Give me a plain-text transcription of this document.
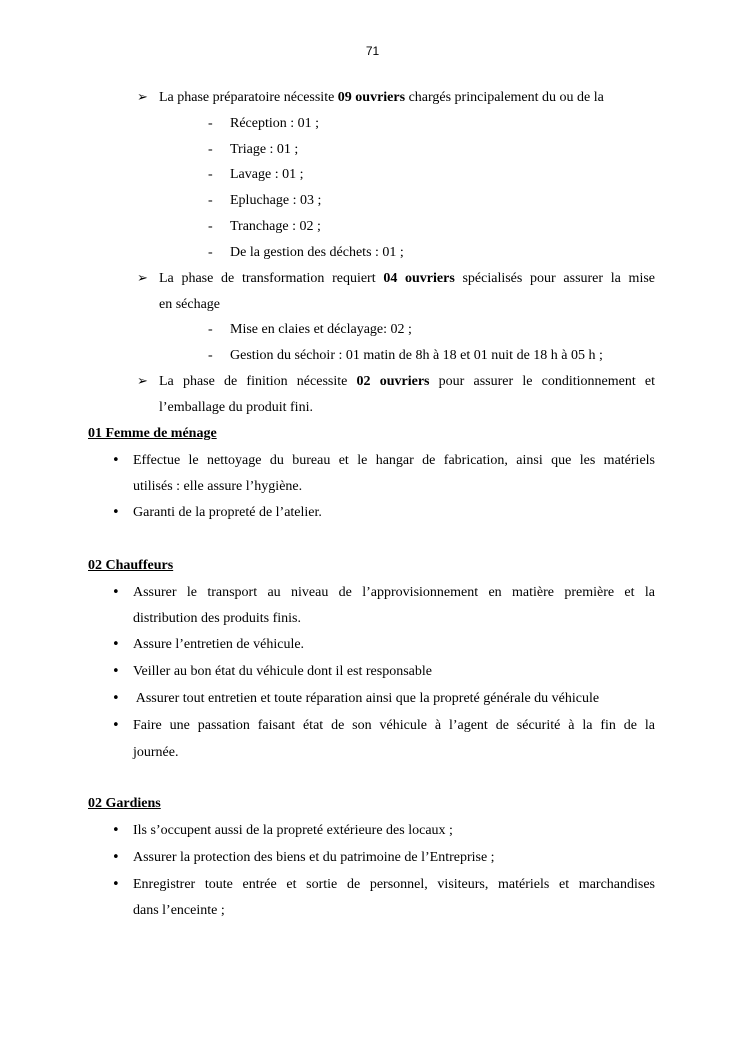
71
➢ La phase préparatoire nécessite 09 ouvriers chargés principalement du ou de la
- Réception : 01 ;
- Triage : 01 ;
- Lavage : 01 ;
- Epluchage : 03 ;
- Tranchage : 02 ;
- De la gestion des déchets : 01 ;
➢ La phase de transformation requiert 04 ouvriers spécialisés pour assurer la mise
en séchage
- Mise en claies et déclayage: 02 ;
- Gestion du séchoir : 01 matin de 8h à 18 et 01 nuit de 18 h à 05 h ;
➢ La phase de finition nécessite 02 ouvriers pour assurer le conditionnement et
l’emballage du produit fini.
01 Femme de ménage
• Effectue le nettoyage du bureau et le hangar de fabrication, ainsi que les matériels
utilisés : elle assure l’hygiène.
• Garanti de la propreté de l’atelier.
02 Chauffeurs
• Assurer le transport au niveau de l’approvisionnement en matière première et la
distribution des produits finis.
• Assure l’entretien de véhicule.
• Veiller au bon état du véhicule dont il est responsable
• Assurer tout entretien et toute réparation ainsi que la propreté générale du véhicule
• Faire une passation faisant état de son véhicule à l’agent de sécurité à la fin de la
journée.
02 Gardiens
• Ils s’occupent aussi de la propreté extérieure des locaux ;
• Assurer la protection des biens et du patrimoine de l’Entreprise ;
• Enregistrer toute entrée et sortie de personnel, visiteurs, matériels et marchandises
dans l’enceinte ;
